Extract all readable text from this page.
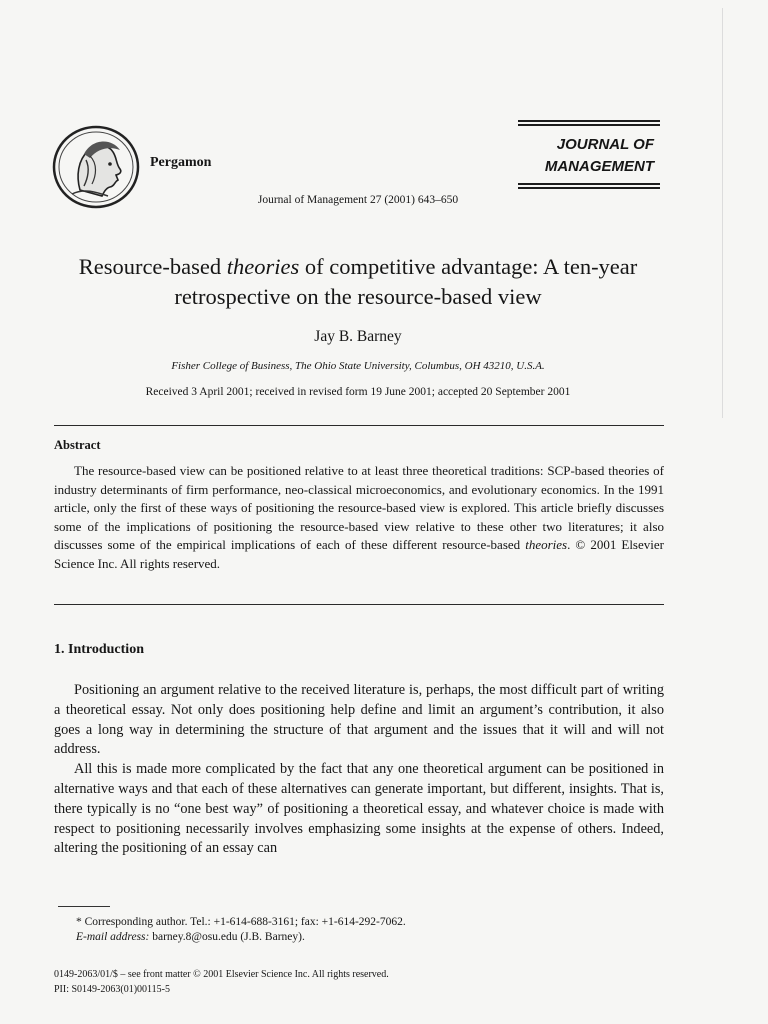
Pergamon
JOURNAL OF
MANAGEMENT
Journal of Management 27 (2001) 643–650
Resource-based theories of competitive advantage: A ten-year retrospective on the resource-based view
Jay B. Barney
Fisher College of Business, The Ohio State University, Columbus, OH 43210, U.S.A.
Received 3 April 2001; received in revised form 19 June 2001; accepted 20 September 2001
Abstract
The resource-based view can be positioned relative to at least three theoretical traditions: SCP-based theories of industry determinants of firm performance, neo-classical microeconomics, and evolutionary economics. In the 1991 article, only the first of these ways of positioning the resource-based view is explored. This article briefly discusses some of the implications of positioning the resource-based view relative to these other two literatures; it also discusses some of the empirical implications of each of these different resource-based theories. © 2001 Elsevier Science Inc. All rights reserved.
1. Introduction

Positioning an argument relative to the received literature is, perhaps, the most difficult part of writing a theoretical essay. Not only does positioning help define and limit an argument’s contribution, it also goes a long way in determining the structure of that argument and the issues that it will and will not address.

All this is made more complicated by the fact that any one theoretical argument can be positioned in alternative ways and that each of these alternatives can generate important, but different, insights. That is, there typically is no “one best way” of positioning a theoretical essay, and whatever choice is made with respect to positioning necessarily involves emphasizing some insights at the expense of others. Indeed, altering the positioning of an essay can

* Corresponding author. Tel.: +1-614-688-3161; fax: +1-614-292-7062.
E-mail address: barney.8@osu.edu (J.B. Barney).
0149-2063/01/$ – see front matter © 2001 Elsevier Science Inc. All rights reserved.
PII: S0149-2063(01)00115-5
